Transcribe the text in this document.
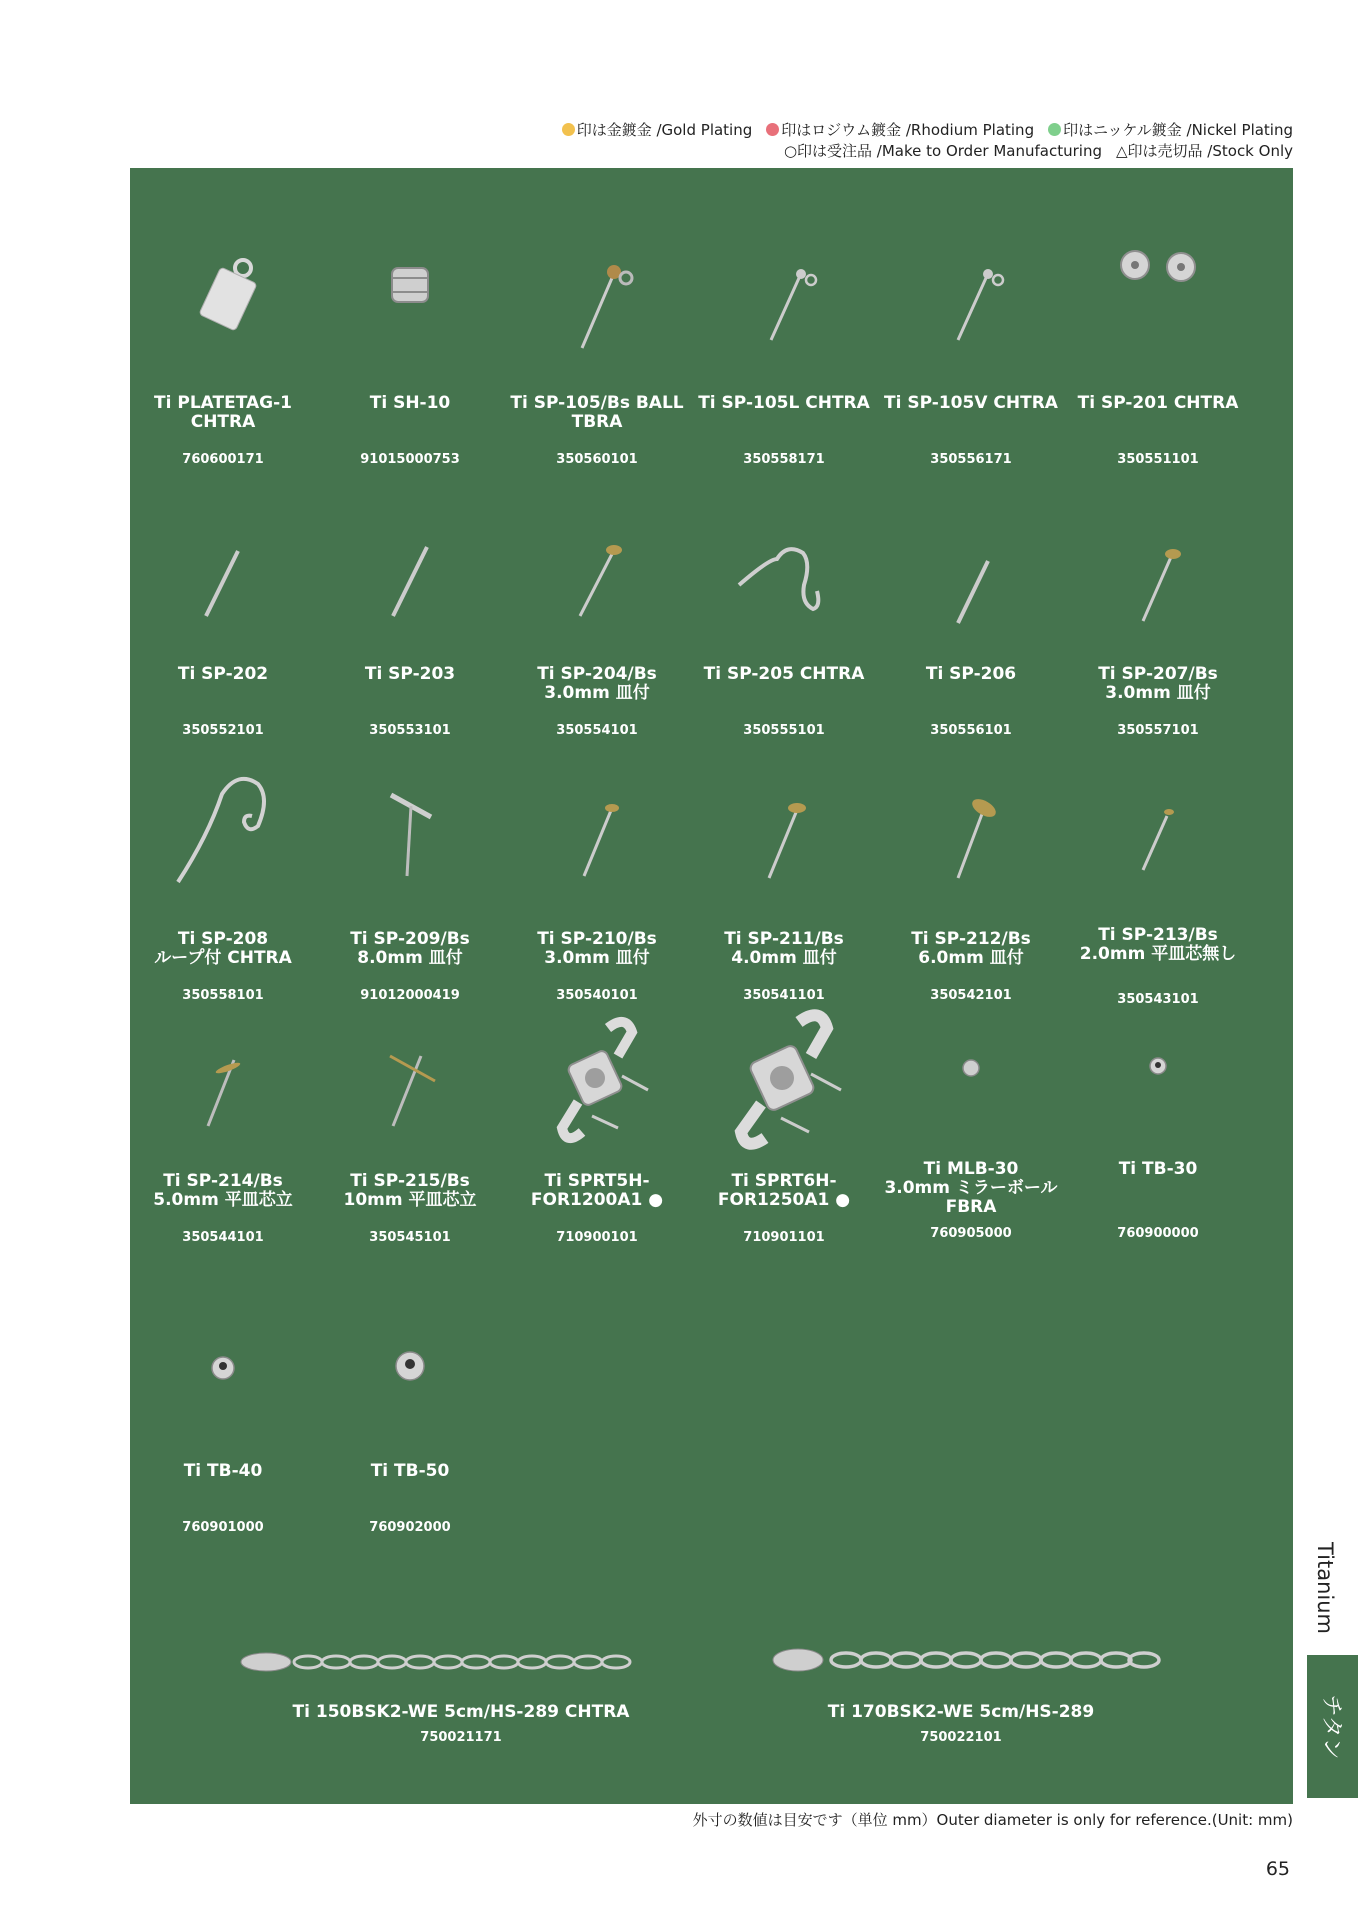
印は金鍍金 /Gold Plating 印はロジウム鍍金 /Rhodium Plating 印はニッケル鍍金 /Nickel Plating
○印は受注品 /Make to Order Manufacturing △印は売切品 /Stock Only
Ti PLATETAG-1
CHTRA
760600171
Ti SH-10
91015000753
Ti SP-105/Bs BALL
TBRA
350560101
Ti SP-105L CHTRA
350558171
Ti SP-105V CHTRA
350556171
Ti SP-201 CHTRA
350551101
Ti SP-202
350552101
Ti SP-203
350553101
Ti SP-204/Bs
3.0mm 皿付
350554101
Ti SP-205 CHTRA
350555101
Ti SP-206
350556101
Ti SP-207/Bs
3.0mm 皿付
350557101
Ti SP-208
ループ付 CHTRA
350558101
Ti SP-209/Bs
8.0mm 皿付
91012000419
Ti SP-210/Bs
3.0mm 皿付
350540101
Ti SP-211/Bs
4.0mm 皿付
350541101
Ti SP-212/Bs
6.0mm 皿付
350542101
Ti SP-213/Bs
2.0mm 平皿芯無し
350543101
Ti SP-214/Bs
5.0mm 平皿芯立
350544101
Ti SP-215/Bs
10mm 平皿芯立
350545101
Ti SPRT5H-
FOR1200A1 ●
710900101
Ti SPRT6H-
FOR1250A1 ●
710901101
Ti MLB-30
3.0mm ミラーボール
FBRA
760905000
Ti TB-30
760900000
Ti TB-40
760901000
Ti TB-50
760902000
Ti 150BSK2-WE 5cm/HS-289 CHTRA
750021171
Ti 170BSK2-WE 5cm/HS-289
750022101
外寸の数値は目安です（単位 mm）Outer diameter is only for reference.(Unit: mm)
65
Titanium
チタン
